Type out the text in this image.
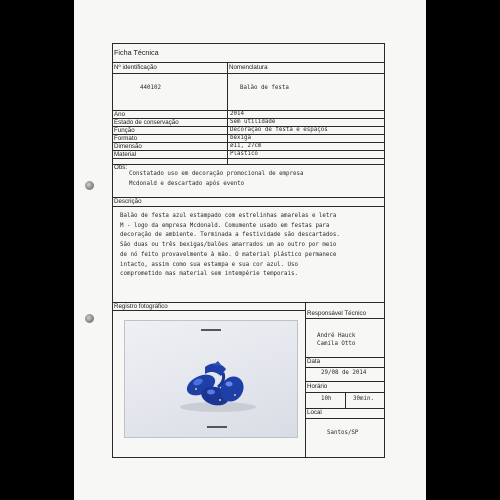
Ficha Técnica
Nº identificação	Nomenclatura
440102	Balão de festa
Ano	2014
Estado de conservação	Sem utilidade
Função	Decoração de festa e espaços
Formato	bexiga
Dimensão	⌀11, 27cm
Material	Plástico
Obs:
Constatado uso em decoração promocional de empresa
Mcdonald e descartado após evento
Descrição
Balão de festa azul estampado com estrelinhas amarelas e letra
M - logo da empresa Mcdonald. Comumente usado em festas para
decoração de ambiente. Terminada a festividade são descartados.
São duas ou três bexigas/balões amarrados um ao outro por meio
de nó feito provavelmente à mão. O material plástico permanece
intacto, assim como sua estampa e sua cor azul. Uso
comprometido mas material sem intempérie temporais.
Registro fotográfico
Responsável Técnico
André Hauck
Camila Otto
Data
29/08 de 2014
Horário
10h	30min.
Local
Santos/SP
